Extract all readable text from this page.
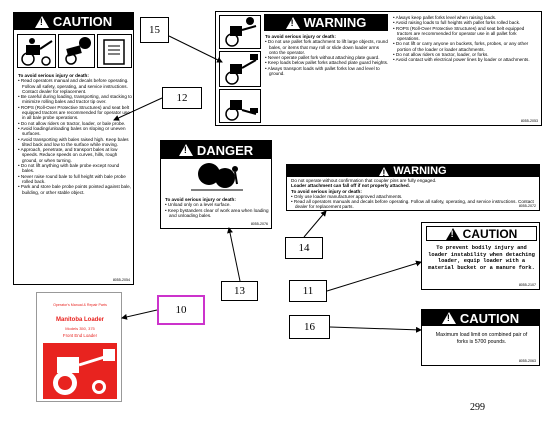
!
CAUTION
To avoid serious injury or death:
• Read operators manual and decals before operating. Follow all safety, operating, and service instructions. Contact dealer for replacement.
• Be careful during loading, transporting, and stacking to minimize rolling bales and tractor tip over.
• ROPS (Roll-Over Protective Structures) and seat belt equipped tractors are recommended for operator use in all bale probe operations.
• Do not allow riders on tractor, loader, or bale probe.
• Avoid loading/unloading bales on sloping or uneven surfaces.
• Avoid transporting with bales raised high. Keep bales tilted back and low to the surface while moving.
• Approach, penetrate, and transport bales at low speeds. Reduce speeds on curves, hills, rough ground, or when turning.
• Do not lift anything with bale probe except round bales.
• Never raise round bale to full height with bale probe rolled back.
• Park and store bale probe points pointed against bale, building, or other stable object.
8055-2054
!
WARNING
To avoid serious injury or death:
• Do not use pallet fork attachment to lift large objects, round bales, or items that may roll or slide down loader arms onto the operator.
• Never operate pallet fork without attaching plate guard.
• Keep loads below pallet forks attached plate guard heights.
• Always transport loads with pallet forks low and level to ground.
• Always keep pallet forks level when raising loads.
• Avoid raising loads to full heights with pallet forks rolled back.
• ROPS (Roll-Over Protective Structures) and seat belt equipped tractors are recommended for operator use in all pallet fork operations.
• Do not lift or carry anyone on buckets, forks, probes, or any other portion of the loader or loader attachments.
• Do not allow riders on tractor, loader, or forks.
• Avoid contact with electrical power lines by loader or attachments.
8055-2053
!
DANGER
To avoid serious injury or death:
• Unload only on a level surface.
• Keep bystanders clear of work area when loading and unloading bales.
8055-2076
!
WARNING
Do not operate without confirmation that coupler pins are fully engaged.
Loader attachment can fall off if not properly attached.
To avoid serious injury or death:
• Only use loader manufacturer approved attachments.
• Read all operators manuals and decals before operating. Follow all safety, operating, and service instructions. Contact dealer for replacement parts.	8055-2072
!
CAUTION
To prevent bodily injury and loader instability when detaching loader, equip loader with a material bucket or a manure fork.
8055-2107
!
CAUTION
Maximum load limit on combined pair of forks is 5700 pounds.
8055-2063
Operator's Manual & Repair Parts
Manitoba Loader
Models 350, 375
Front End Loader
15
12
13
14
11
16
10
299
